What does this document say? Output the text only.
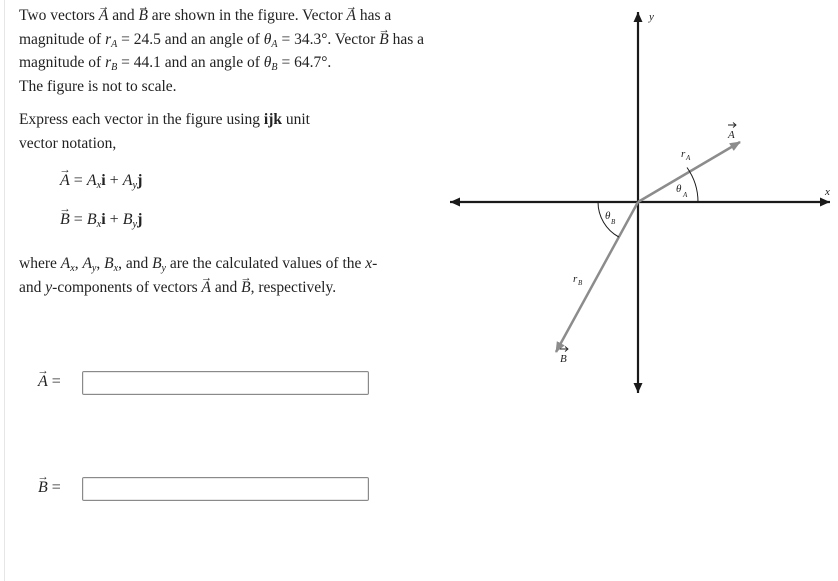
Two vectors → A and → B are shown in the figure. Vector → A has a magnitude of $r_A = 24.5$ and an angle of $\theta_A = 34.3^\circ$. Vector → B has a magnitude of $r_B = 44.1$ and an angle of $\theta_B = 64.7^\circ$.
The figure is not to scale.

Express each vector in the figure using ijk unit vector notation,

→ $A = A_xi + A_yj$
→ $B = B_xi + B_yj$

where $A_x$, $A_y$, $B_x$, and $B_y$ are the calculated values of the x-
and y-components of vectors → A and → B, respectively.

→ A =
→ B =
x
y
A
B
r A
r B
θ A
θ B
